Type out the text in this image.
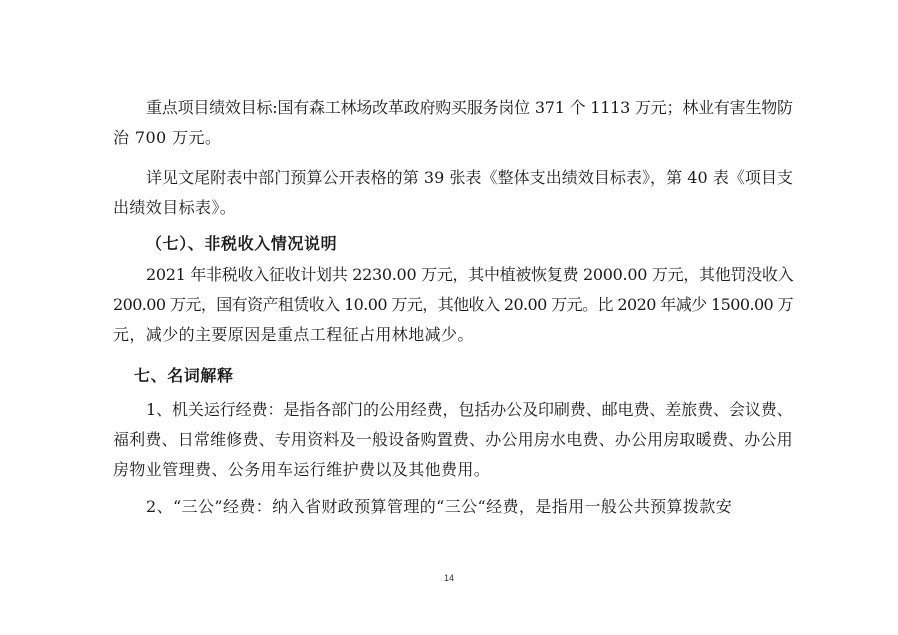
重点项目绩效目标:国有森工林场改革政府购买服务岗位 371 个 1113 万元；林业有害生物防
治 700 万元。

详见文尾附表中部门预算公开表格的第 39 张表《整体支出绩效目标表》，第 40 表《项目支
出绩效目标表》。

（七）、非税收入情况说明

2021 年非税收入征收计划共 2230.00 万元，其中植被恢复费 2000.00 万元，其他罚没收入
200.00 万元，国有资产租赁收入 10.00 万元，其他收入 20.00 万元。比 2020 年减少 1500.00 万
元，减少的主要原因是重点工程征占用林地减少。

七、名词解释

1、机关运行经费：是指各部门的公用经费，包括办公及印刷费、邮电费、差旅费、会议费、
福利费、日常维修费、专用资料及一般设备购置费、办公用房水电费、办公用房取暖费、办公用
房物业管理费、公务用车运行维护费以及其他费用。

2、“三公”经费：纳入省财政预算管理的“三公“经费，是指用一般公共预算拨款安

14
